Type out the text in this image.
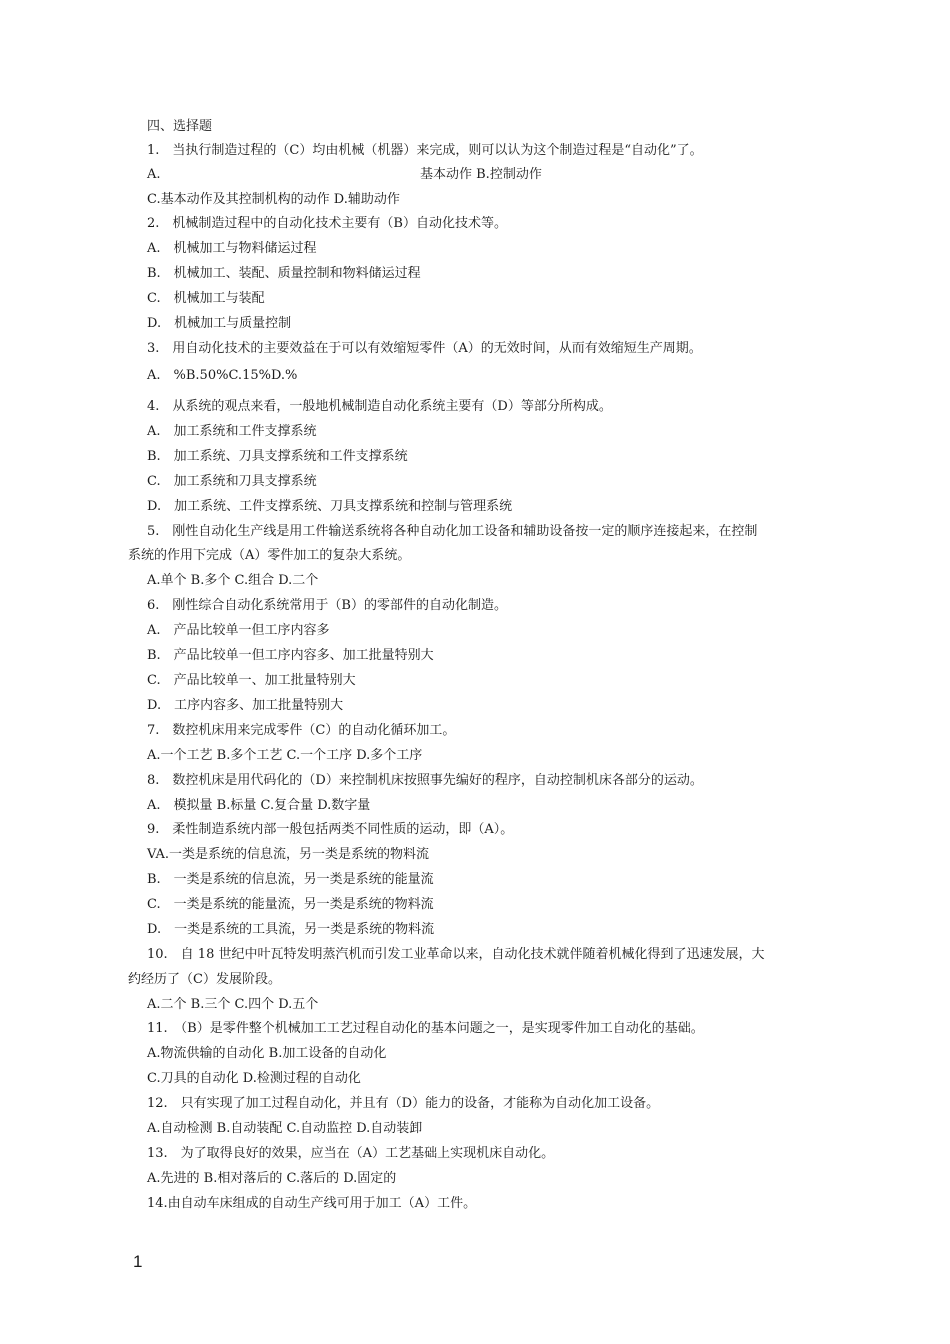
四、选择题
1.　当执行制造过程的（C）均由机械（机器）来完成，则可以认为这个制造过程是“自动化”了。
A.	基本动作 B.控制动作
C.基本动作及其控制机构的动作 D.辅助动作
2.　机械制造过程中的自动化技术主要有（B）自动化技术等。
A.　机械加工与物料储运过程
B.　机械加工、装配、质量控制和物料储运过程
C.　机械加工与装配
D.　机械加工与质量控制
3.　用自动化技术的主要效益在于可以有效缩短零件（A）的无效时间，从而有效缩短生产周期。
A.　%B.50%C.15%D.%
4.　从系统的观点来看，一般地机械制造自动化系统主要有（D）等部分所构成。
A.　加工系统和工件支撑系统
B.　加工系统、刀具支撑系统和工件支撑系统
C.　加工系统和刀具支撑系统
D.　加工系统、工件支撑系统、刀具支撑系统和控制与管理系统
5.　刚性自动化生产线是用工件输送系统将各种自动化加工设备和辅助设备按一定的顺序连接起来，在控制
系统的作用下完成（A）零件加工的复杂大系统。
A.单个 B.多个 C.组合 D.二个
6.　刚性综合自动化系统常用于（B）的零部件的自动化制造。
A.　产品比较单一但工序内容多
B.　产品比较单一但工序内容多、加工批量特别大
C.　产品比较单一、加工批量特别大
D.　工序内容多、加工批量特别大
7.　数控机床用来完成零件（C）的自动化循环加工。
A.一个工艺 B.多个工艺 C.一个工序 D.多个工序
8.　数控机床是用代码化的（D）来控制机床按照事先编好的程序，自动控制机床各部分的运动。
A.　模拟量 B.标量 C.复合量 D.数字量
9.　柔性制造系统内部一般包括两类不同性质的运动，即（A）。
VA.一类是系统的信息流，另一类是系统的物料流
B.　一类是系统的信息流，另一类是系统的能量流
C.　一类是系统的能量流，另一类是系统的物料流
D.　一类是系统的工具流，另一类是系统的物料流
10.　自 18 世纪中叶瓦特发明蒸汽机而引发工业革命以来，自动化技术就伴随着机械化得到了迅速发展，大
约经历了（C）发展阶段。
A.二个 B.三个 C.四个 D.五个
11.　（B）是零件整个机械加工工艺过程自动化的基本问题之一，是实现零件加工自动化的基础。
A.物流供输的自动化 B.加工设备的自动化
C.刀具的自动化 D.检测过程的自动化
12.　只有实现了加工过程自动化，并且有（D）能力的设备，才能称为自动化加工设备。
A.自动检测 B.自动装配 C.自动监控 D.自动装卸
13.　为了取得良好的效果，应当在（A）工艺基础上实现机床自动化。
A.先进的 B.相对落后的 C.落后的 D.固定的
14.由自动车床组成的自动生产线可用于加工（A）工件。
1
